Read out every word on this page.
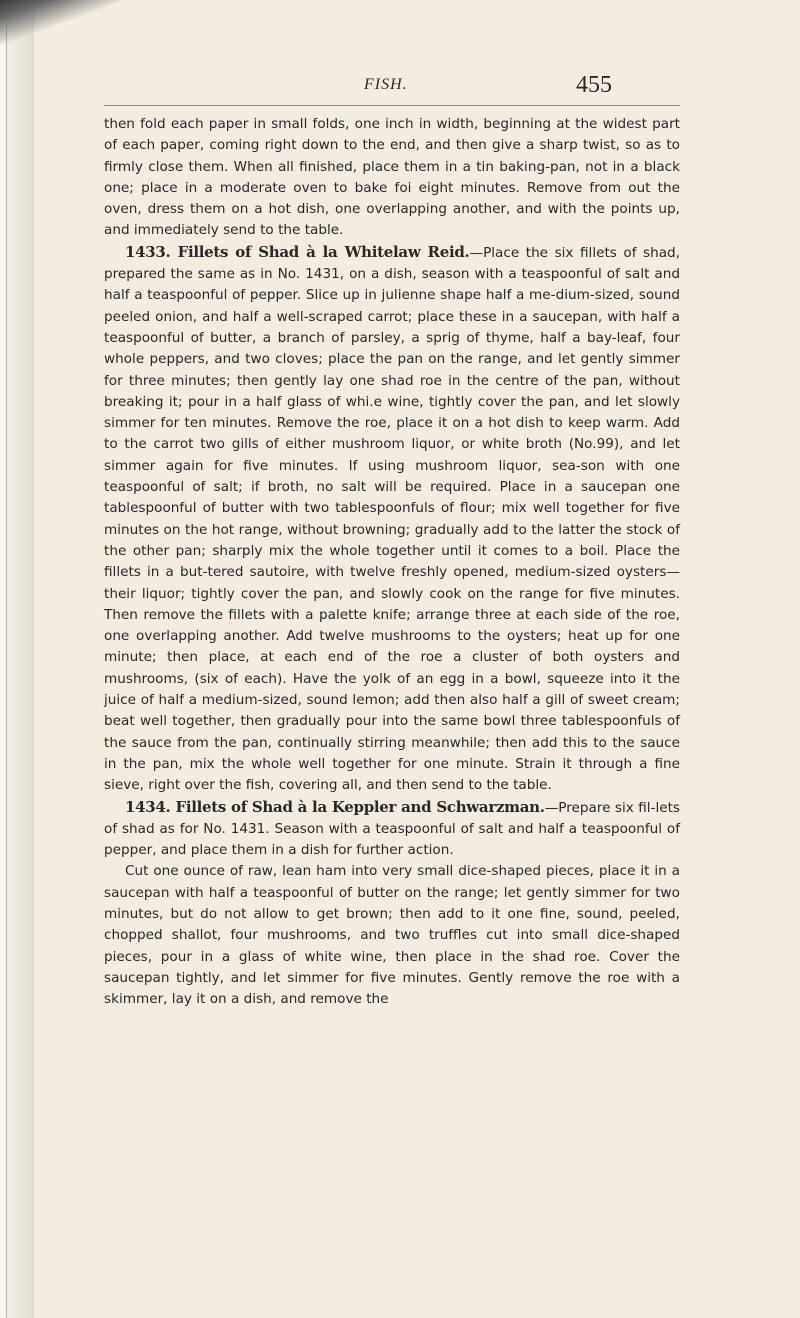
FISH.	455

then fold each paper in small folds, one inch in width, beginning at the widest part of each paper, coming right down to the end, and then give a sharp twist, so as to firmly close them. When all finished, place them in a tin baking-pan, not in a black one; place in a moderate oven to bake foi eight minutes. Remove from out the oven, dress them on a hot dish, one overlapping another, and with the points up, and immediately send to the table.

1433. Fillets of Shad à la Whitelaw Reid.—Place the six fillets of shad, prepared the same as in No. 1431, on a dish, season with a teaspoonful of salt and half a teaspoonful of pepper. Slice up in julienne shape half a me-dium-sized, sound peeled onion, and half a well-scraped carrot; place these in a saucepan, with half a teaspoonful of butter, a branch of parsley, a sprig of thyme, half a bay-leaf, four whole peppers, and two cloves; place the pan on the range, and let gently simmer for three minutes; then gently lay one shad roe in the centre of the pan, without breaking it; pour in a half glass of whi.e wine, tightly cover the pan, and let slowly simmer for ten minutes. Remove the roe, place it on a hot dish to keep warm. Add to the carrot two gills of either mushroom liquor, or white broth (No.99), and let simmer again for five minutes. If using mushroom liquor, sea-son with one teaspoonful of salt; if broth, no salt will be required. Place in a saucepan one tablespoonful of butter with two tablespoonfuls of flour; mix well together for five minutes on the hot range, without browning; gradually add to the latter the stock of the other pan; sharply mix the whole together until it comes to a boil. Place the fillets in a but-tered sautoire, with twelve freshly opened, medium-sized oysters—their liquor; tightly cover the pan, and slowly cook on the range for five minutes. Then remove the fillets with a palette knife; arrange three at each side of the roe, one overlapping another. Add twelve mushrooms to the oysters; heat up for one minute; then place, at each end of the roe a cluster of both oysters and mushrooms, (six of each). Have the yolk of an egg in a bowl, squeeze into it the juice of half a medium-sized, sound lemon; add then also half a gill of sweet cream; beat well together, then gradually pour into the same bowl three tablespoonfuls of the sauce from the pan, continually stirring meanwhile; then add this to the sauce in the pan, mix the whole well together for one minute. Strain it through a fine sieve, right over the fish, covering all, and then send to the table.

1434. Fillets of Shad à la Keppler and Schwarzman.—Prepare six fil-lets of shad as for No. 1431. Season with a teaspoonful of salt and half a teaspoonful of pepper, and place them in a dish for further action.

Cut one ounce of raw, lean ham into very small dice-shaped pieces, place it in a saucepan with half a teaspoonful of butter on the range; let gently simmer for two minutes, but do not allow to get brown; then add to it one fine, sound, peeled, chopped shallot, four mushrooms, and two truffles cut into small dice-shaped pieces, pour in a glass of white wine, then place in the shad roe. Cover the saucepan tightly, and let simmer for five minutes. Gently remove the roe with a skimmer, lay it on a dish, and remove the
